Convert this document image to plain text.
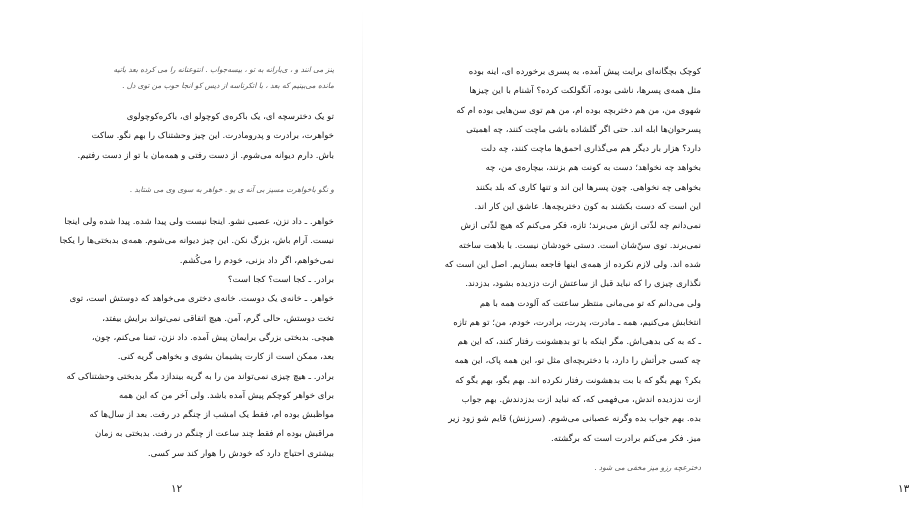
ینز می انند و ، ی‌بارانه به تو ، بیسه‌جواب . انتوعنانه را می کرده بعد باتیه
مانده می‌بینیم که بعد ، با اتکرناسه از دیس کو انجا حوب من توی دل .
تو یک دخترسچه ای، یک باکره‌ی کوچولو ای، باکره‌کوچولوی
خواهرت، برادرت و پدرومادرت. این چیز وحشتناک را بهم نگو. ساکت
باش. دارم دیوانه می‌شوم. از دست رفتی و همه‌مان با تو از دست رفتیم.
و نگو با‌خواهرت مسیز بی آنه ی یو . خواهر به سوی وی می شتابد .
خواهر. ـ داد نزن، عصبی نشو. اینجا نیست ولی پیدا شده. پیدا شده ولی اینجا
نیست. آرام باش، بزرگ نکن. این چیز دیوانه می‌شوم. همه‌ی بدبختی‌ها را یکجا
نمی‌خواهم، اگر داد بزنی، خودم را می‌کُشم.
برادر. ـ کجا است؟ کجا است؟
خواهر. ـ خانه‌ی یک دوست. خانه‌ی دختری می‌خواهد که دوستش است، توی
تخت دوستش، حالی گرم، آمن. هیچ اتفاقی نمی‌تواند برایش بیفتد،
هیچی. بدبختی بزرگی برایمان پیش آمده. داد نزن، تمنا می‌کنم، چون،
بعد، ممکن است از کارت پشیمان بشوی و بخواهی گریه کنی.
برادر. ـ هیچ چیزی نمی‌تواند من را به گریه بیندازد مگر بدبختی وحشتناکی که
برای خواهر کوچکم پیش آمده باشد. ولی آخر من که این همه
مواظبش بوده ام، فقط یک امشب از چنگم در رفت. بعد از سال‌ها که
مراقبش بوده ام فقط چند ساعت از چنگم در رفت. بدبختی به زمان
بیشتری احتیاج دارد که خودش را هوار کند سر کسی.
۱۲
کوچک بچگانه‌ای برایت پیش آمده، به پسری برخورده ای، اینه بوده
مثل همه‌ی پسرها، ناشی بوده، آنگولکت کرده؟ آشنام با این چیزها
شهوی من، من هم دختربچه بوده ام، من هم توی سن‌هایی بوده ام که
پسرحوان‌ها ابله اند. حتی اگر گلشاده باشی ماچت کنند، چه اهمیتی
دارد؟ هزار بار دیگر هم می‌گذاری احمق‌ها ماچت کنند، چه دلت
بخواهد چه نخواهد؛ دست به کونت هم بزنند، بیچاره‌ی من، چه
بخواهی چه نخواهی. چون پسرها این اند و تنها کاری که بلد بکنند
این است که دست بکشند به کون دختربچه‌ها. عاشق این کار اند.
نمی‌دانم چه لذّتی ازش می‌برند؛ تازه، فکر می‌کنم که هیچ لذّتی ازش
نمی‌برند. توی سنّ‌شان است. دستی خودشان نیست. با بلاهت ساخته
شده اند. ولی لازم نکرده از همه‌ی اینها فاجعه بسازیم. اصل این است که
نگذاری چیزی را که نباید قبل از ساعتش ازت دزدیده بشود، بدزدند.
ولی می‌دانم که تو می‌مانی منتظر ساعتت که آلودت همه با هم
انتخابش می‌کنیم، همه ـ مادرت، پدرت، برادرت، خودم، من؛ تو هم تازه
ـ که به کی بدهی‌اش. مگر اینکه با تو بدهشونت رفتار کنند، که این هم
چه کسی جرأتش را دارد، با دختربچه‌ای مثل تو، این همه پاک، این همه
بکر؟ بهم بگو که با بت بدهشونت رفتار نکرده اند. بهم بگو، بهم بگو که
ازت ندزدیده اندش، می‌فهمی که، که نباید ازت بدزدندش. بهم جواب
بده. بهم جواب بده وگرنه عصبانی می‌شوم. (سرزنش) قایم شو زود زیر
میز. فکر می‌کنم برادرت است که برگشته.
دخترعچه رزو میز مخفی می شود .
۱۳
